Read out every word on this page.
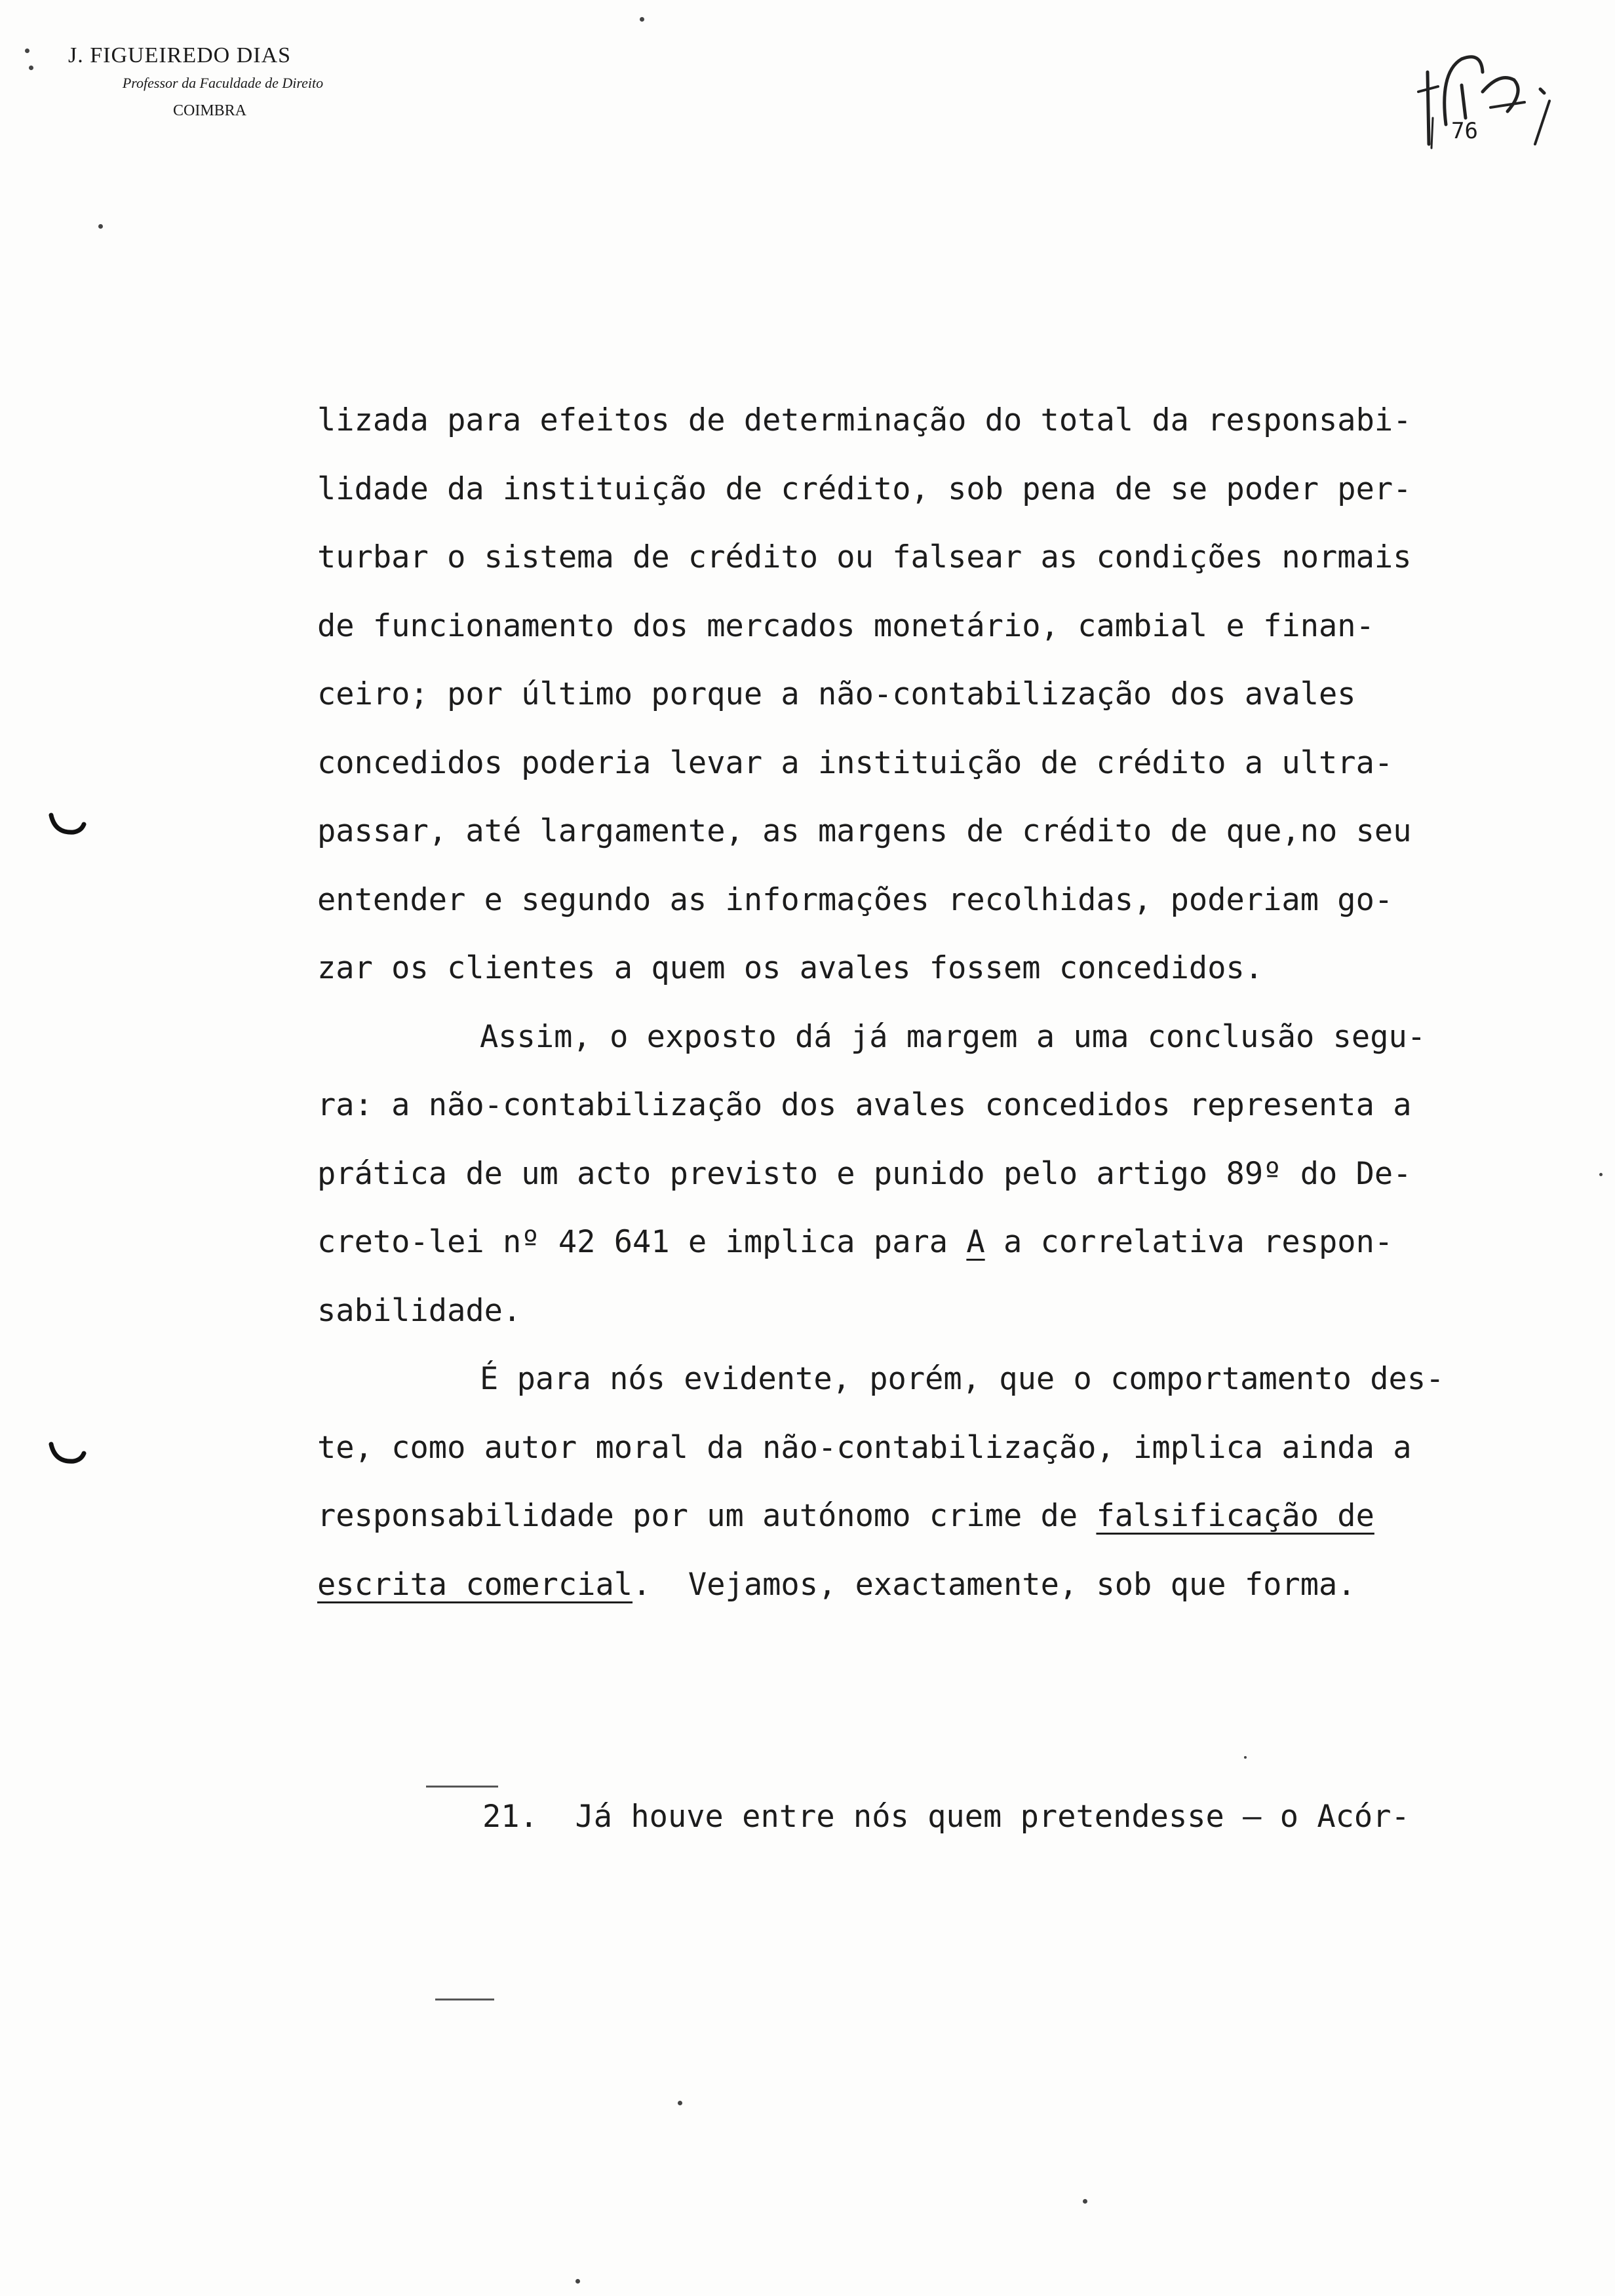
J. FIGUEIREDO DIAS
Professor da Faculdade de Direito
COIMBRA
76
lizada para efeitos de determinação do total da responsabi-
lidade da instituição de crédito, sob pena de se poder per-
turbar o sistema de crédito ou falsear as condições normais
de funcionamento dos mercados monetário, cambial e finan-
ceiro; por último porque a não-contabilização dos avales
concedidos poderia levar a instituição de crédito a ultra-
passar, até largamente, as margens de crédito de que,no seu
entender e segundo as informações recolhidas, poderiam go-
zar os clientes a quem os avales fossem concedidos.
Assim, o exposto dá já margem a uma conclusão segu-
ra: a não-contabilização dos avales concedidos representa a
prática de um acto previsto e punido pelo artigo 89º do De-
creto-lei nº 42 641 e implica para A a correlativa respon-
sabilidade.
É para nós evidente, porém, que o comportamento des-
te, como autor moral da não-contabilização, implica ainda a
responsabilidade por um autónomo crime de falsificação de
escrita comercial.  Vejamos, exactamente, sob que forma.
21. Já houve entre nós quem pretendesse — o Acór-
